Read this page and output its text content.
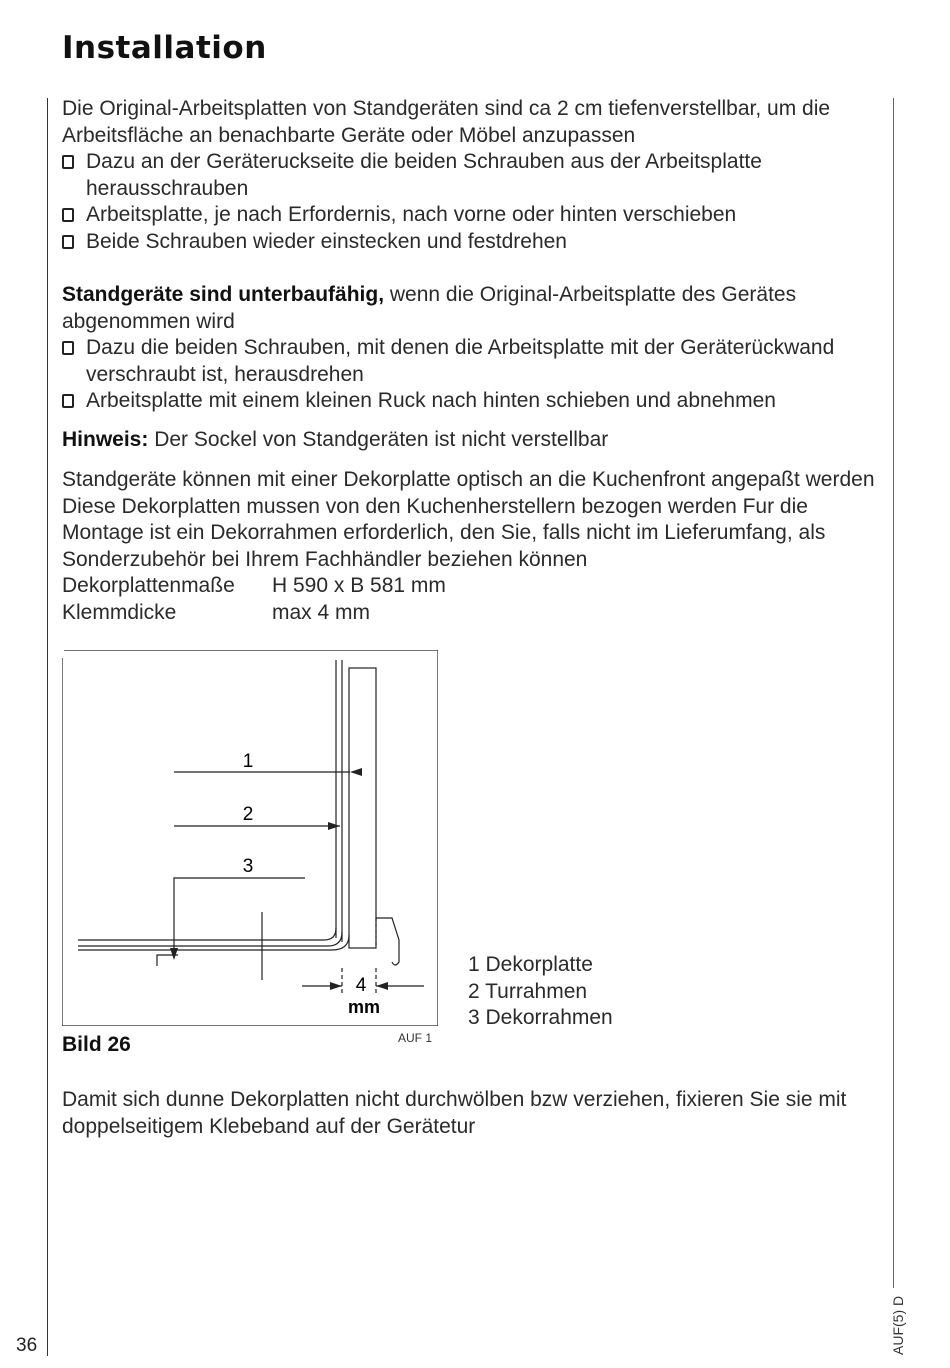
Installation

Die Original-Arbeitsplatten von Standgeräten sind ca 2 cm tiefenverstellbar, um die Arbeitsfläche an benachbarte Geräte oder Möbel anzupassen

Dazu an der Geräteruckseite die beiden Schrauben aus der Arbeitsplatte herausschrauben
Arbeitsplatte, je nach Erfordernis, nach vorne oder hinten verschieben
Beide Schrauben wieder einstecken und festdrehen

Standgeräte sind unterbaufähig, wenn die Original-Arbeitsplatte des Gerätes abgenommen wird

Dazu die beiden Schrauben, mit denen die Arbeitsplatte mit der Geräterückwand verschraubt ist, herausdrehen
Arbeitsplatte mit einem kleinen Ruck nach hinten schieben und abnehmen

Hinweis: Der Sockel von Standgeräten ist nicht verstellbar

Standgeräte können mit einer Dekorplatte optisch an die Kuchenfront angepaßt werden Diese Dekorplatten mussen von den Kuchenherstellern bezogen werden Fur die Montage ist ein Dekorrahmen erforderlich, den Sie, falls nicht im Lieferumfang, als Sonderzubehör bei Ihrem Fachhändler beziehen können

Dekorplattenmaße	H 590 x B 581 mm
Klemmdicke	max 4 mm
1
2
3
4
mm
Bild 26	AUF 1
1 Dekorplatte
2 Turrahmen
3 Dekorrahmen
Damit sich dunne Dekorplatten nicht durchwölben bzw verziehen, fixieren Sie sie mit doppelseitigem Klebeband auf der Gerätetur
36	AUF(5) D
